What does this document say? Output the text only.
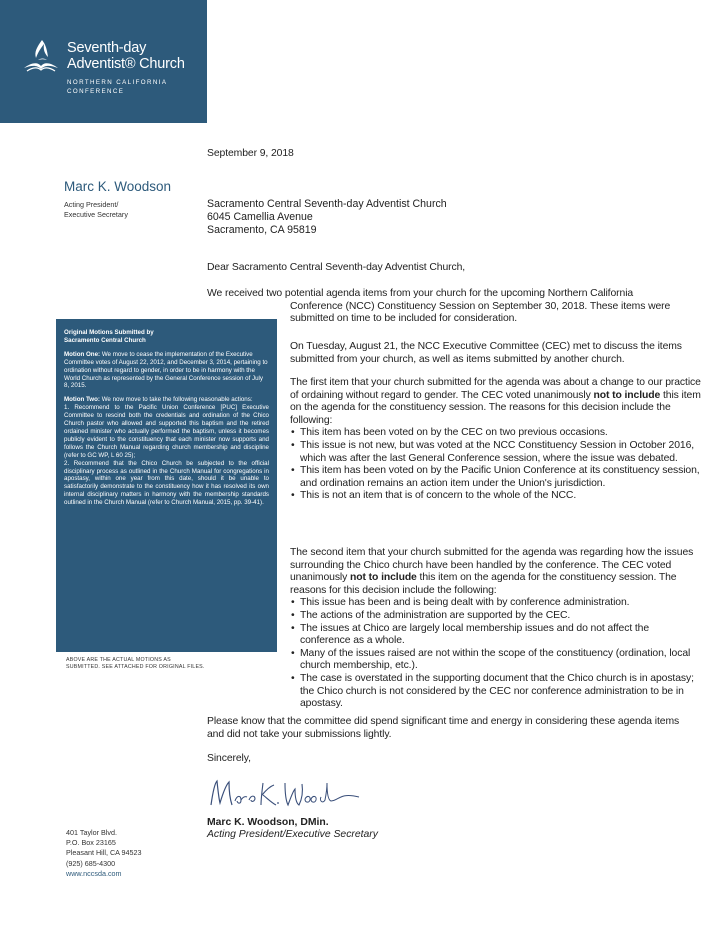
Seventh-day
Adventist® Church
NORTHERN CALIFORNIA
CONFERENCE
September 9, 2018
Marc K. Woodson
Acting President/
Executive Secretary
Sacramento Central Seventh-day Adventist Church
6045 Camellia Avenue
Sacramento, CA 95819
Dear Sacramento Central Seventh-day Adventist Church,
We received two potential agenda items from your church for the upcoming Northern California
Conference (NCC) Constituency Session on September 30, 2018. These items were
submitted on time to be included for consideration.
On Tuesday, August 21, the NCC Executive Committee (CEC) met to discuss the items submitted from your church, as well as items submitted by another church.
The first item that your church submitted for the agenda was about a change to our practice of ordaining without regard to gender. The CEC voted unanimously not to include this item on the agenda for the constituency session. The reasons for this decision include the following:
• This item has been voted on by the CEC on two previous occasions.
• This issue is not new, but was voted at the NCC Constituency Session in October 2016, which was after the last General Conference session, where the issue was debated.
• This item has been voted on by the Pacific Union Conference at its constituency session, and ordination remains an action item under the Union's jurisdiction.
• This is not an item that is of concern to the whole of the NCC.
The second item that your church submitted for the agenda was regarding how the issues surrounding the Chico church have been handled by the conference. The CEC voted unanimously not to include this item on the agenda for the constituency session. The reasons for this decision include the following:
• This issue has been and is being dealt with by conference administration.
• The actions of the administration are supported by the CEC.
• The issues at Chico are largely local membership issues and do not affect the conference as a whole.
• Many of the issues raised are not within the scope of the constituency (ordination, local church membership, etc.).
• The case is overstated in the supporting document that the Chico church is in apostasy; the Chico church is not considered by the CEC nor conference administration to be in apostasy.

Original Motions Submitted by
Sacramento Central Church

Motion One: We move to cease the implementation of the Executive Committee votes of August 22, 2012, and December 3, 2014, pertaining to ordination without regard to gender, in order to be in harmony with the World Church as represented by the General Conference session of July 8, 2015.

Motion Two: We now move to take the following reasonable actions:
1. Recommend to the Pacific Union Conference [PUC] Executive Committee to rescind both the credentials and ordination of the Chico Church pastor who allowed and supported this baptism and the retired ordained minister who actually performed the baptism, unless it becomes publicly evident to the constituency that each minister now supports and follows the Church Manual regarding church membership and discipline (refer to GC WP, L 60 25);
2. Recommend that the Chico Church be subjected to the official disciplinary process as outlined in the Church Manual for congregations in apostasy, within one year from this date, should it be unable to satisfactorily demonstrate to the constituency how it has resolved its own internal disciplinary matters in harmony with the membership standards outlined in the Church Manual (refer to Church Manual, 2015, pp. 39-41).
ABOVE ARE THE ACTUAL MOTIONS AS
SUBMITTED. SEE ATTACHED FOR ORIGINAL FILES.
Please know that the committee did spend significant time and energy in considering these agenda items and did not take your submissions lightly.
Sincerely,
Marc K. Woodson, DMin.
Acting President/Executive Secretary
401 Taylor Blvd.
P.O. Box 23165
Pleasant Hill, CA 94523
(925) 685-4300
www.nccsda.com
